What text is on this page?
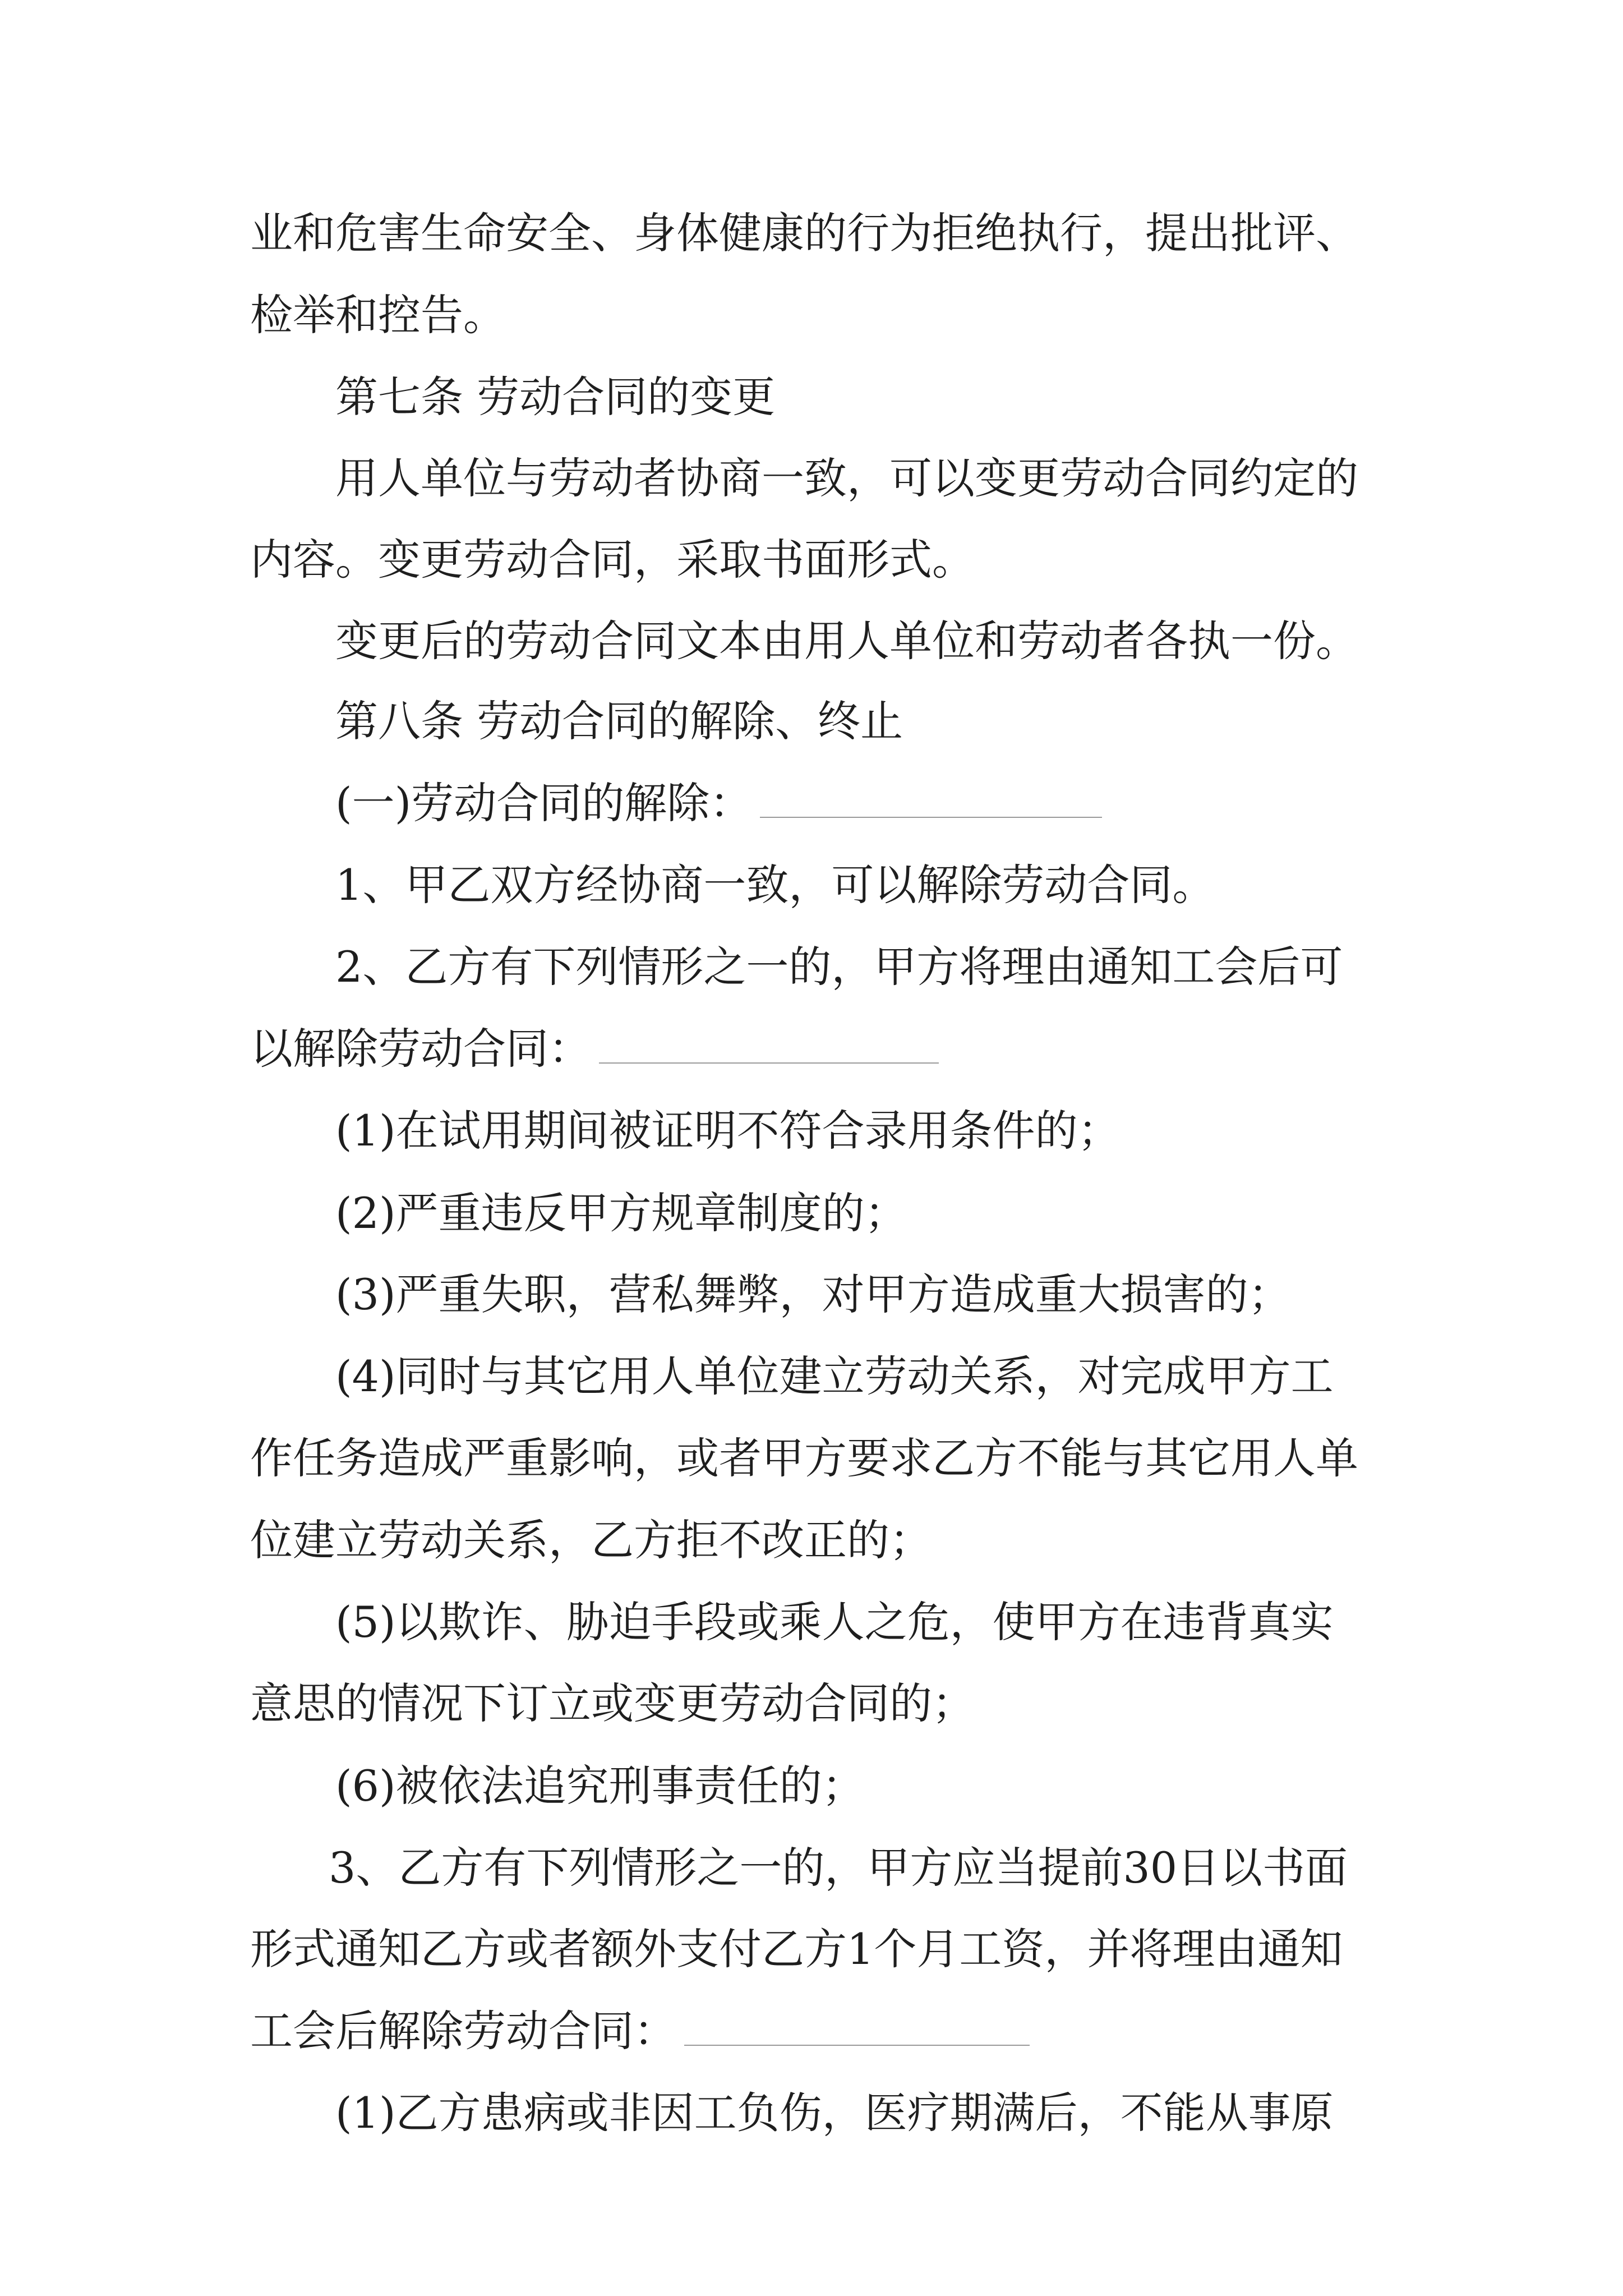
业和危害生命安全、身体健康的行为拒绝执行，提出批评、
检举和控告。
第七条 劳动合同的变更
用人单位与劳动者协商一致，可以变更劳动合同约定的
内容。变更劳动合同，采取书面形式。
变更后的劳动合同文本由用人单位和劳动者各执一份。
第八条 劳动合同的解除、终止
(一)劳动合同的解除：
1、甲乙双方经协商一致，可以解除劳动合同。
2、乙方有下列情形之一的，甲方将理由通知工会后可
以解除劳动合同：
(1)在试用期间被证明不符合录用条件的；
(2)严重违反甲方规章制度的；
(3)严重失职，营私舞弊，对甲方造成重大损害的；
(4)同时与其它用人单位建立劳动关系，对完成甲方工
作任务造成严重影响，或者甲方要求乙方不能与其它用人单
位建立劳动关系，乙方拒不改正的；
(5)以欺诈、胁迫手段或乘人之危，使甲方在违背真实
意思的情况下订立或变更劳动合同的；
(6)被依法追究刑事责任的；
3、乙方有下列情形之一的，甲方应当提前30日以书面
形式通知乙方或者额外支付乙方1个月工资，并将理由通知
工会后解除劳动合同：
(1)乙方患病或非因工负伤，医疗期满后，不能从事原
